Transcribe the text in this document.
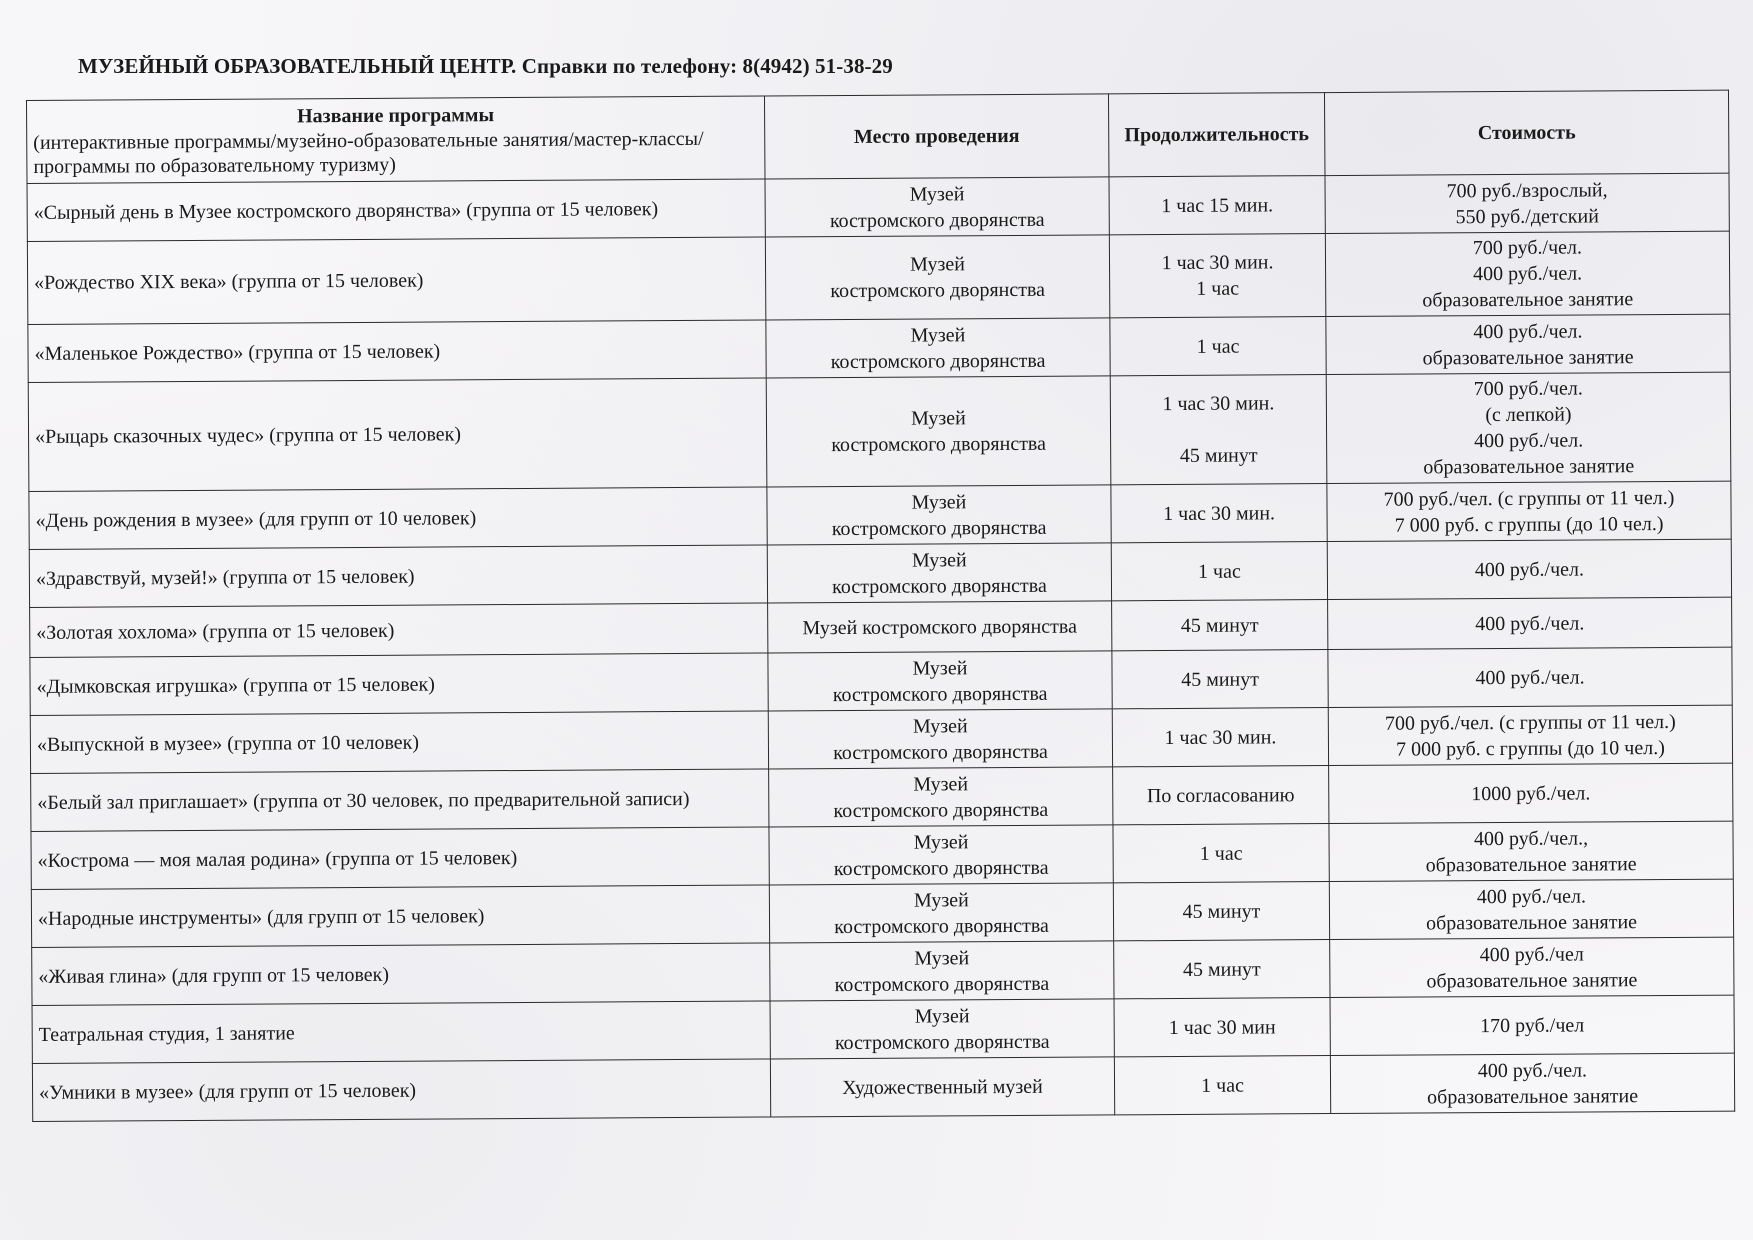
МУЗЕЙНЫЙ ОБРАЗОВАТЕЛЬНЫЙ ЦЕНТР. Справки по телефону: 8(4942) 51-38-29
Название программы
(интерактивные программы/музейно-образовательные занятия/мастер-классы/программы по образовательному туризму)	Место проведения	Продолжительность	Стоимость
«Сырный день в Музее костромского дворянства» (группа от 15 человек)	Музей
костромского дворянства	1 час 15 мин.	700 руб./взрослый,
550 руб./детский

«Рождество XIX века» (группа от 15 человек)	Музей
костромского дворянства	1 час 30 мин.
1 час	700 руб./чел.
400 руб./чел.
образовательное занятие

«Маленькое Рождество» (группа от 15 человек)	Музей
костромского дворянства	1 час	400 руб./чел.
образовательное занятие

«Рыцарь сказочных чудес» (группа от 15 человек)	Музей
костромского дворянства	1 час 30 мин.

45 минут	700 руб./чел.
(с лепкой)
400 руб./чел.
образовательное занятие

«День рождения в музее» (для групп от 10 человек)	Музей
костромского дворянства	1 час 30 мин.	700 руб./чел. (с группы от 11 чел.)
7 000 руб. с группы (до 10 чел.)

«Здравствуй, музей!» (группа от 15 человек)	Музей
костромского дворянства	1 час	400 руб./чел.

«Золотая хохлома» (группа от 15 человек)	Музей костромского дворянства	45 минут	400 руб./чел.

«Дымковская игрушка» (группа от 15 человек)	Музей
костромского дворянства	45 минут	400 руб./чел.

«Выпускной в музее» (группа от 10 человек)	Музей
костромского дворянства	1 час 30 мин.	700 руб./чел. (с группы от 11 чел.)
7 000 руб. с группы (до 10 чел.)

«Белый зал приглашает» (группа от 30 человек, по предварительной записи)	Музей
костромского дворянства	По согласованию	1000 руб./чел.

«Кострома — моя малая родина» (группа от 15 человек)	Музей
костромского дворянства	1 час	400 руб./чел.,
образовательное занятие

«Народные инструменты» (для групп от 15 человек)	Музей
костромского дворянства	45 минут	400 руб./чел.
образовательное занятие

«Живая глина» (для групп от 15 человек)	Музей
костромского дворянства	45 минут	400 руб./чел
образовательное занятие

Театральная студия, 1 занятие	Музей
костромского дворянства	1 час 30 мин	170 руб./чел

«Умники в музее» (для групп от 15 человек)	Художественный музей	1 час	400 руб./чел.
образовательное занятие
